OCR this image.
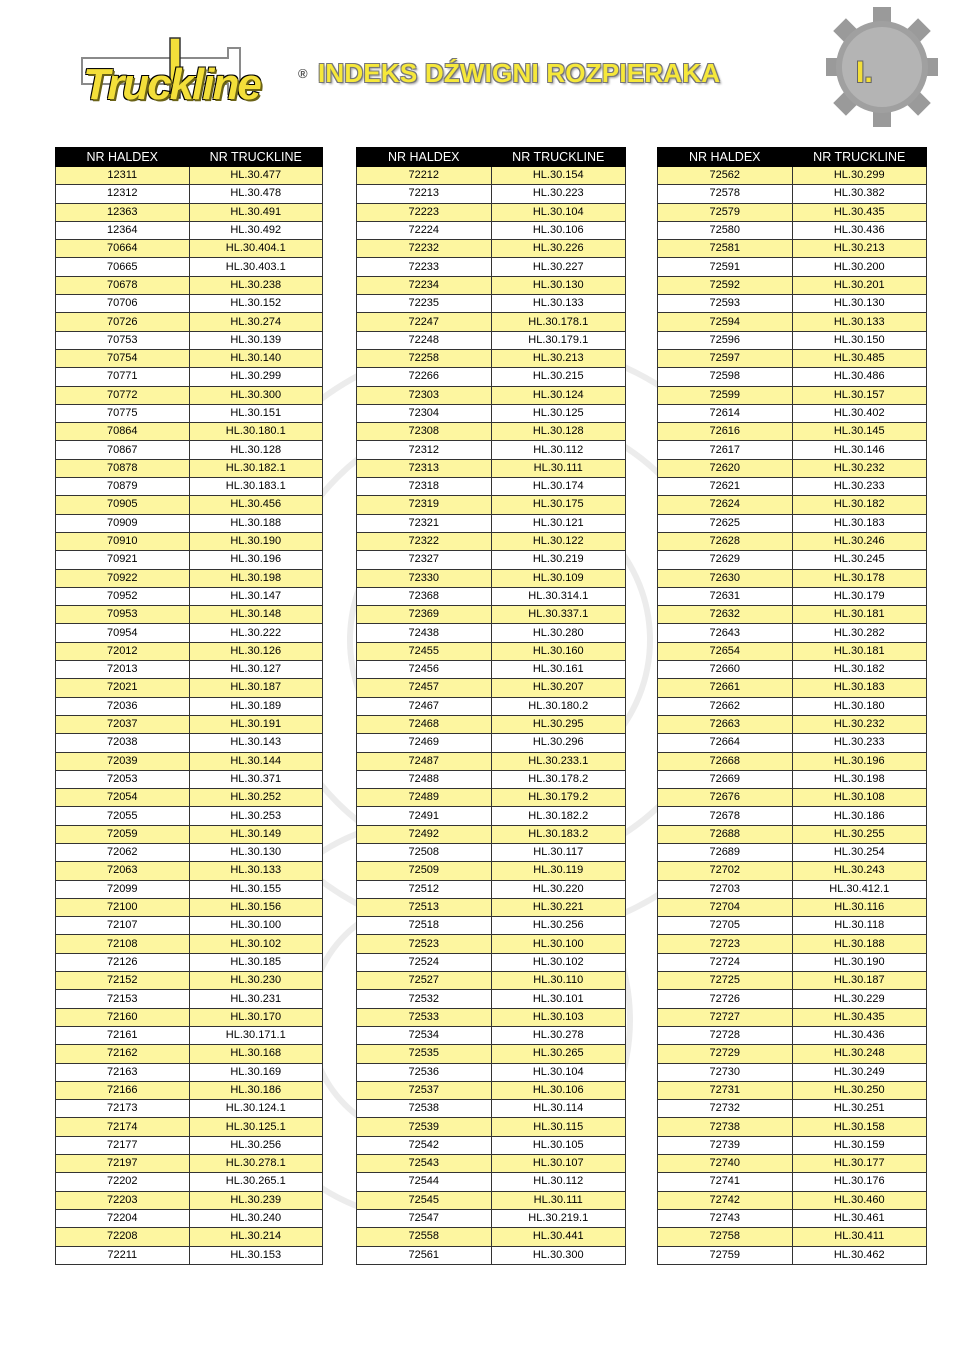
Truckline	® INDEKS DŹWIGNI ROZPIERAKA	I.
NR HALDEX	NR TRUCKLINE
12311	HL.30.477
12312	HL.30.478
12363	HL.30.491
12364	HL.30.492
70664	HL.30.404.1
70665	HL.30.403.1
70678	HL.30.238
70706	HL.30.152
70726	HL.30.274
70753	HL.30.139
70754	HL.30.140
70771	HL.30.299
70772	HL.30.300
70775	HL.30.151
70864	HL.30.180.1
70867	HL.30.128
70878	HL.30.182.1
70879	HL.30.183.1
70905	HL.30.456
70909	HL.30.188
70910	HL.30.190
70921	HL.30.196
70922	HL.30.198
70952	HL.30.147
70953	HL.30.148
70954	HL.30.222
72012	HL.30.126
72013	HL.30.127
72021	HL.30.187
72036	HL.30.189
72037	HL.30.191
72038	HL.30.143
72039	HL.30.144
72053	HL.30.371
72054	HL.30.252
72055	HL.30.253
72059	HL.30.149
72062	HL.30.130
72063	HL.30.133
72099	HL.30.155
72100	HL.30.156
72107	HL.30.100
72108	HL.30.102
72126	HL.30.185
72152	HL.30.230
72153	HL.30.231
72160	HL.30.170
72161	HL.30.171.1
72162	HL.30.168
72163	HL.30.169
72166	HL.30.186
72173	HL.30.124.1
72174	HL.30.125.1
72177	HL.30.256
72197	HL.30.278.1
72202	HL.30.265.1
72203	HL.30.239
72204	HL.30.240
72208	HL.30.214
72211	HL.30.153
NR HALDEX	NR TRUCKLINE
72212	HL.30.154
72213	HL.30.223
72223	HL.30.104
72224	HL.30.106
72232	HL.30.226
72233	HL.30.227
72234	HL.30.130
72235	HL.30.133
72247	HL.30.178.1
72248	HL.30.179.1
72258	HL.30.213
72266	HL.30.215
72303	HL.30.124
72304	HL.30.125
72308	HL.30.128
72312	HL.30.112
72313	HL.30.111
72318	HL.30.174
72319	HL.30.175
72321	HL.30.121
72322	HL.30.122
72327	HL.30.219
72330	HL.30.109
72368	HL.30.314.1
72369	HL.30.337.1
72438	HL.30.280
72455	HL.30.160
72456	HL.30.161
72457	HL.30.207
72467	HL.30.180.2
72468	HL.30.295
72469	HL.30.296
72487	HL.30.233.1
72488	HL.30.178.2
72489	HL.30.179.2
72491	HL.30.182.2
72492	HL.30.183.2
72508	HL.30.117
72509	HL.30.119
72512	HL.30.220
72513	HL.30.221
72518	HL.30.256
72523	HL.30.100
72524	HL.30.102
72527	HL.30.110
72532	HL.30.101
72533	HL.30.103
72534	HL.30.278
72535	HL.30.265
72536	HL.30.104
72537	HL.30.106
72538	HL.30.114
72539	HL.30.115
72542	HL.30.105
72543	HL.30.107
72544	HL.30.112
72545	HL.30.111
72547	HL.30.219.1
72558	HL.30.441
72561	HL.30.300
NR HALDEX	NR TRUCKLINE
72562	HL.30.299
72578	HL.30.382
72579	HL.30.435
72580	HL.30.436
72581	HL.30.213
72591	HL.30.200
72592	HL.30.201
72593	HL.30.130
72594	HL.30.133
72596	HL.30.150
72597	HL.30.485
72598	HL.30.486
72599	HL.30.157
72614	HL.30.402
72616	HL.30.145
72617	HL.30.146
72620	HL.30.232
72621	HL.30.233
72624	HL.30.182
72625	HL.30.183
72628	HL.30.246
72629	HL.30.245
72630	HL.30.178
72631	HL.30.179
72632	HL.30.181
72643	HL.30.282
72654	HL.30.181
72660	HL.30.182
72661	HL.30.183
72662	HL.30.180
72663	HL.30.232
72664	HL.30.233
72668	HL.30.196
72669	HL.30.198
72676	HL.30.108
72678	HL.30.186
72688	HL.30.255
72689	HL.30.254
72702	HL.30.243
72703	HL.30.412.1
72704	HL.30.116
72705	HL.30.118
72723	HL.30.188
72724	HL.30.190
72725	HL.30.187
72726	HL.30.229
72727	HL.30.435
72728	HL.30.436
72729	HL.30.248
72730	HL.30.249
72731	HL.30.250
72732	HL.30.251
72738	HL.30.158
72739	HL.30.159
72740	HL.30.177
72741	HL.30.176
72742	HL.30.460
72743	HL.30.461
72758	HL.30.411
72759	HL.30.462
